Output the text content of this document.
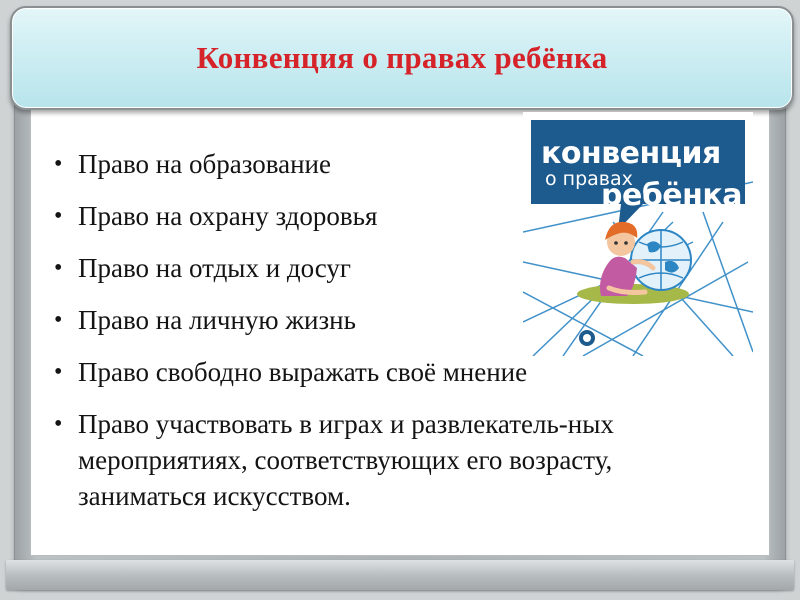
Конвенция о правах ребёнка
• Право на образование
• Право на охрану здоровья
• Право на отдых и досуг
• Право на личную жизнь
• Право свободно выражать своё мнение
• Право участвовать в играх и развлекатель-ных мероприятиях, соответствующих его возрасту, заниматься искусством.
конвенция
о правах
ребёнка
